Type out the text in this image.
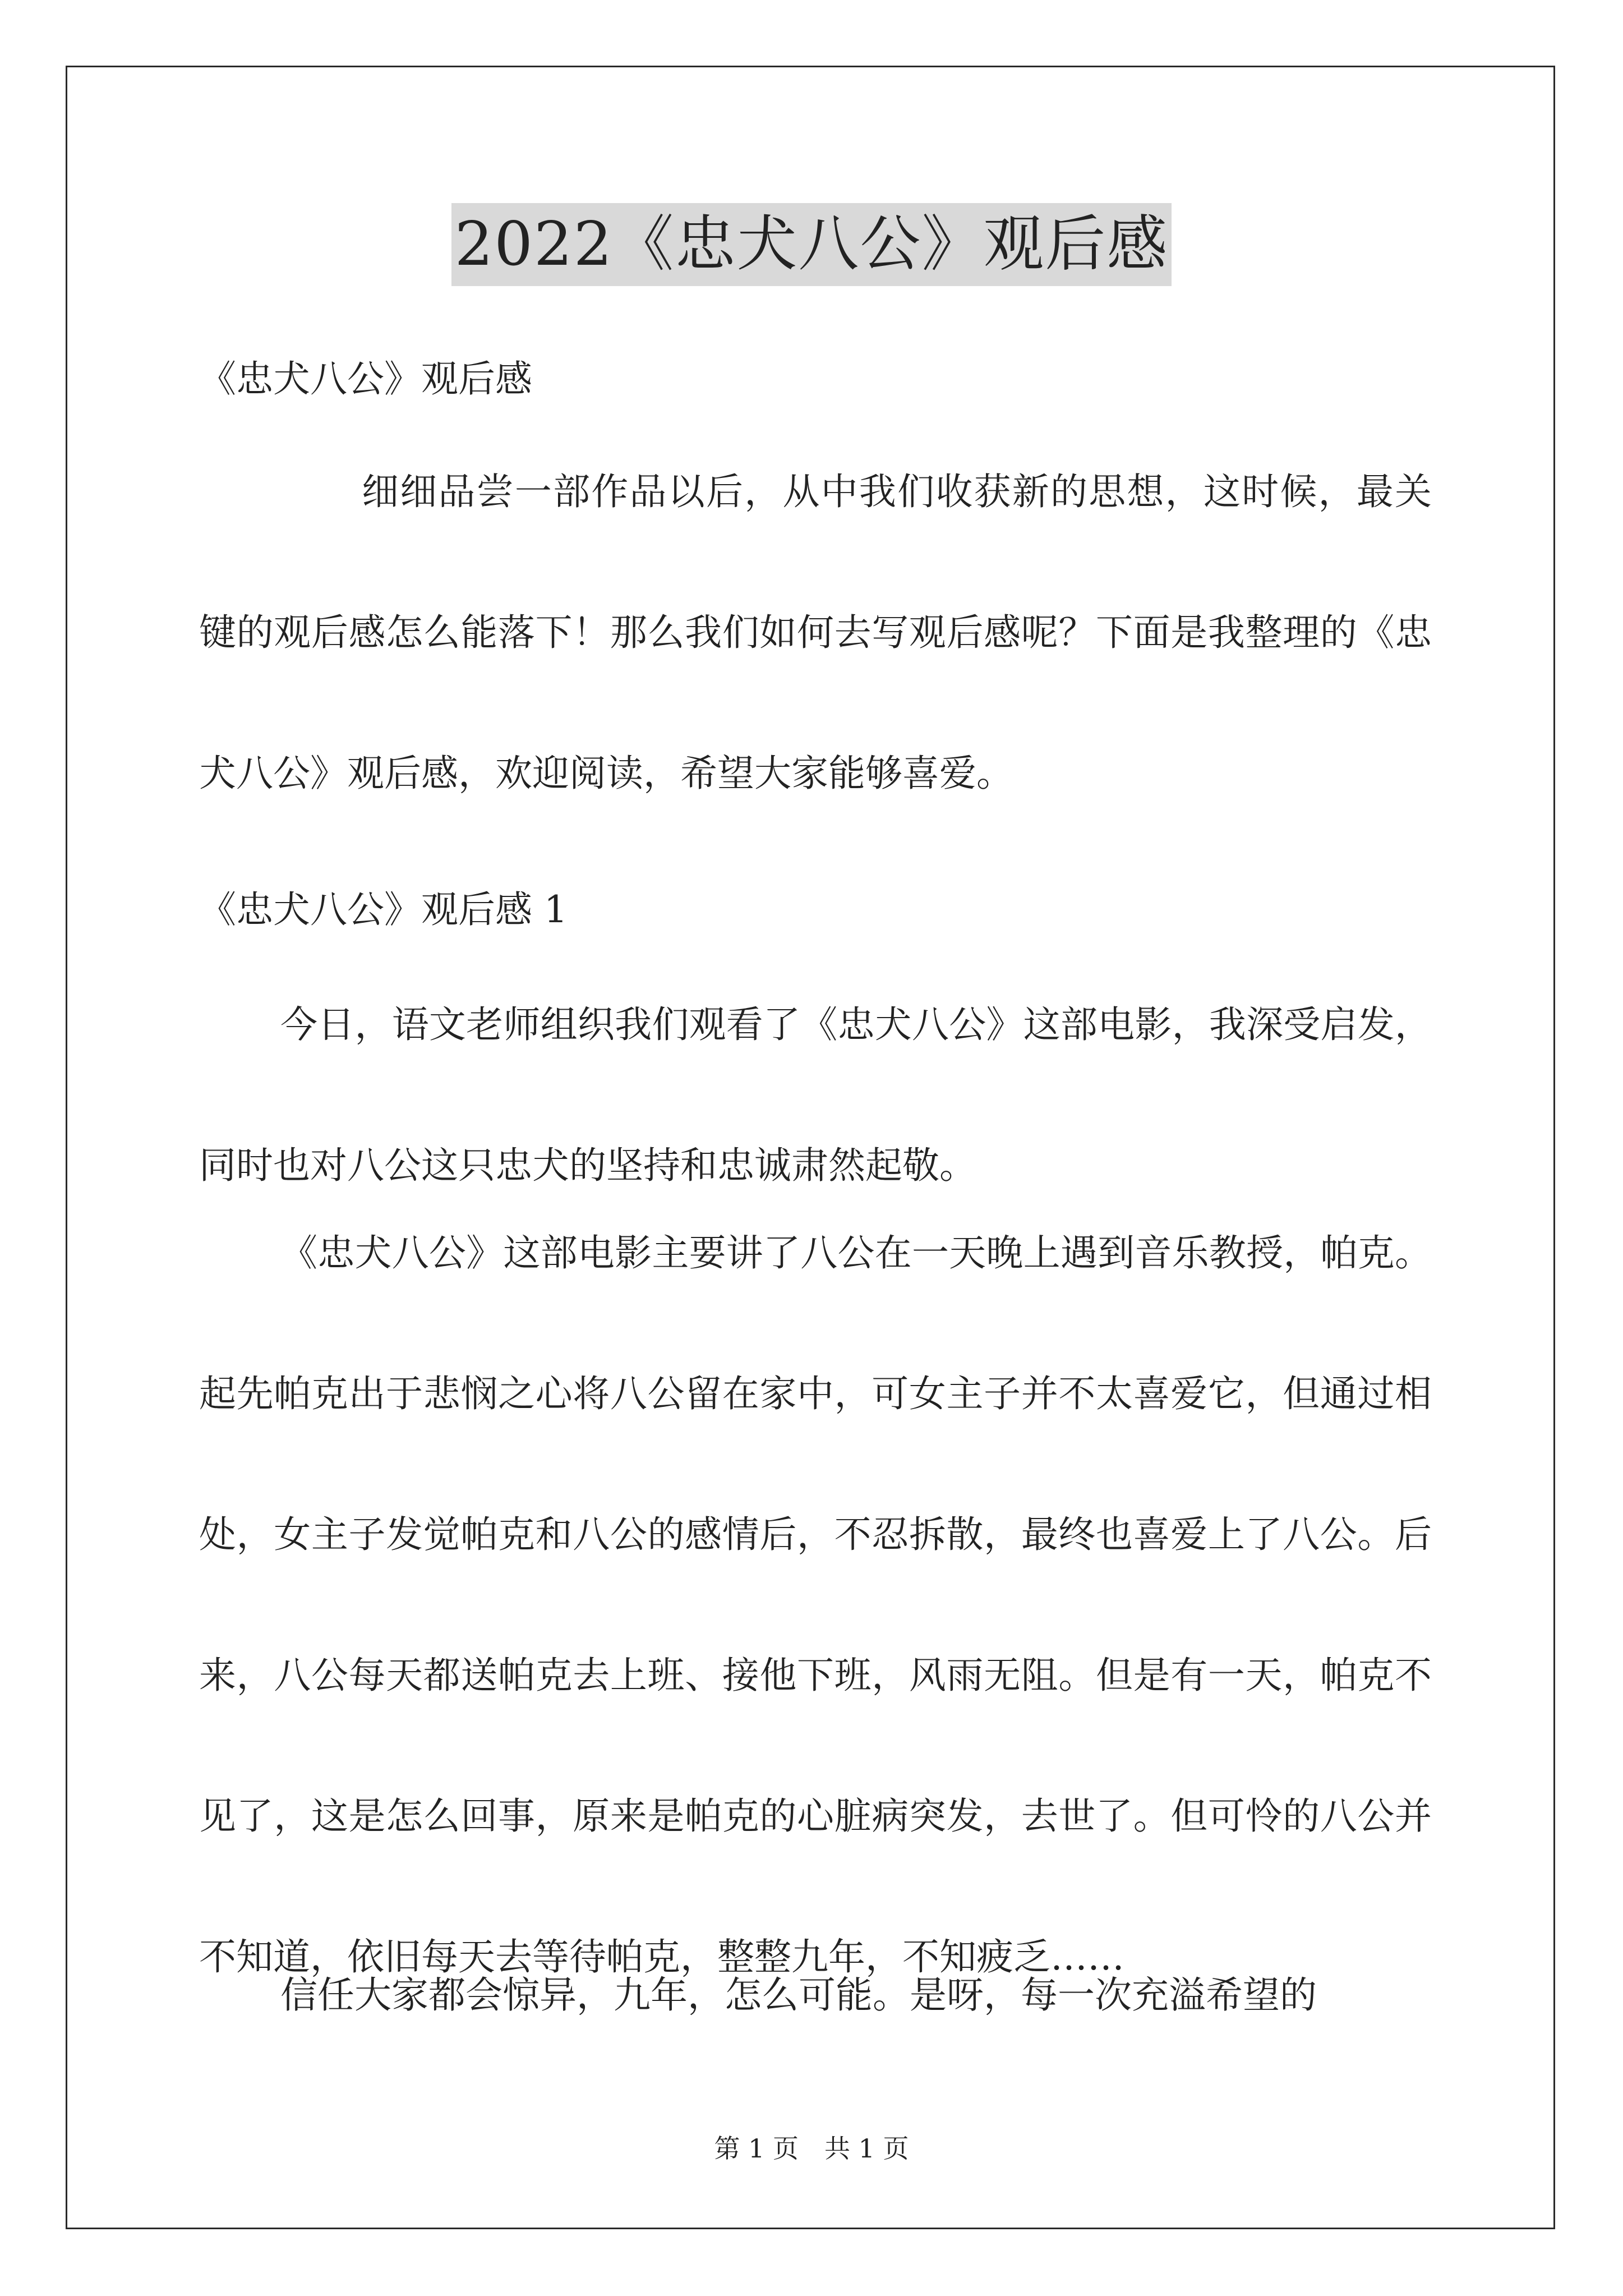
2022《忠犬八公》观后感
《忠犬八公》观后感

细细品尝一部作品以后，从中我们收获新的思想，这时候，最关键的观后感怎么能落下！那么我们如何去写观后感呢？下面是我整理的《忠犬八公》观后感，欢迎阅读，希望大家能够喜爱。

《忠犬八公》观后感 1

今日，语文老师组织我们观看了《忠犬八公》这部电影，我深受启发，同时也对八公这只忠犬的坚持和忠诚肃然起敬。

《忠犬八公》这部电影主要讲了八公在一天晚上遇到音乐教授，帕克。起先帕克出于悲悯之心将八公留在家中，可女主子并不太喜爱它，但通过相处，女主子发觉帕克和八公的感情后，不忍拆散，最终也喜爱上了八公。后来，八公每天都送帕克去上班、接他下班，风雨无阻。但是有一天，帕克不见了，这是怎么回事，原来是帕克的心脏病突发，去世了。但可怜的八公并不知道，依旧每天去等待帕克，整整九年，不知疲乏……

信任大家都会惊异，九年，怎么可能。是呀，每一次充溢希望的

第 1 页　共 1 页
